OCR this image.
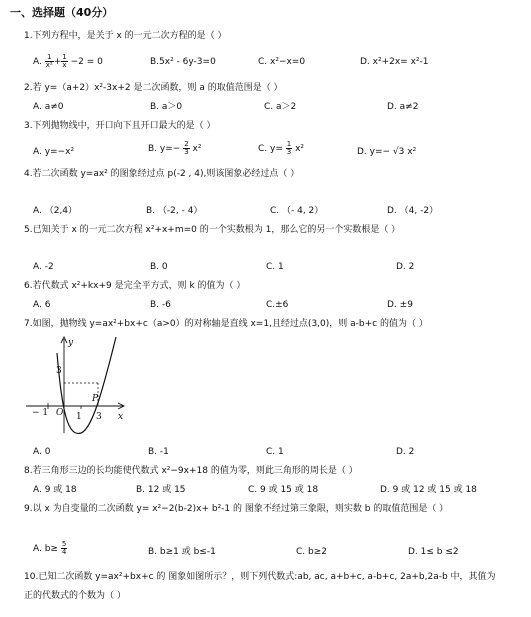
一、选择题（40分）
1.下列方程中，是关于 x 的一元二次方程的是（ ）
A. $\frac{1}{\text{x²}} + \frac{1}{x} -2 = 0$	B.5x² - 6y-3=0	C. x²−x=0	D. x²+2x= x²-1
2.若 y=（a+2）x²-3x+2 是二次函数，则 a 的取值范围是（ ）
A. a≠0	B. a＞0	C. a＞2	D. a≠2
3.下列抛物线中，开口向下且开口最大的是（ ）
A. y=−x²	B. $y=- \frac{2}{3} x^2$	C. $y= \frac{1}{3} x^2$	D. y=− √3 x²
4.若二次函数 y=ax² 的图象经过点 p(-2 , 4),则该图象必经过点（ ）
A. （2,4）	B. （-2, - 4）	C. （- 4, 2）	D. （4, -2）
5.已知关于 x 的一元二次方程 x²+x+m=0 的一个实数根为 1，那么它的另一个实数根是（ ）
A. -2	B. 0	C. 1	D. 2
6.若代数式 x²+kx+9 是完全平方式，则 k 的值为（ ）
A. 6	B. -6	C.±6	D. ±9
7.如图，抛物线 y=ax²+bx+c（a>0）的对称轴是直线 x=1,且经过点(3,0)，则 a-b+c 的值为（ ）
y
x
O
P
3
− 1	1 3
A. 0	B. -1	C. 1	D. 2
8.若三角形三边的长均能使代数式 x²−9x+18 的值为零，则此三角形的周长是（ ）
A. 9 或 18	B. 12 或 15	C. 9 或 15 或 18	D. 9 或 12 或 15 或 18
9.以 x 为自变量的二次函数 y= x²−2(b-2)x+ b²-1 的 图象不经过第三象限，则实数 b 的取值范围是（ ）
A. $b\ge \frac{5}{4}$	B. b≥1 或 b≤-1	C. b≥2	D. 1≤ b ≤2
10.已知二次函数 y=ax²+bx+c 的 图象如图所示？，则下列代数式:ab, ac, a+b+c, a-b+c, 2a+b,2a-b 中，其值为
正的代数式的个数为（ ）
